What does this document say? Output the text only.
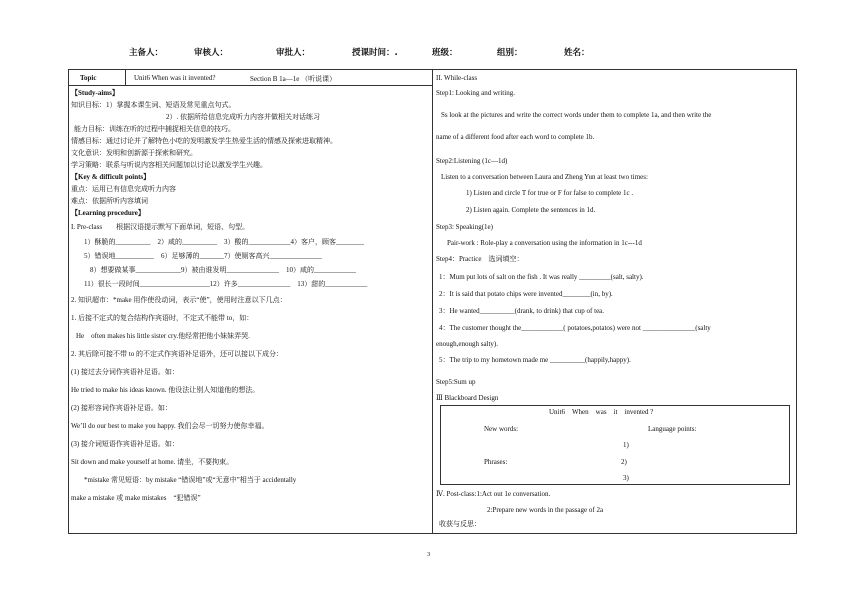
主备人：	审核人：	审批人：	授课时间：.	班级：	组别：	姓名：
Topic	Unit6 When was it invented?	Section B 1a—1e （听说课）
【Study-aims】
知识目标：1）掌握本课生词、短语及常见重点句式。
2）. 依据所给信息完成听力内容并做相关对话练习
能力目标：训练在听的过程中捕捉相关信息的技巧。
情感目标：通过讨论并了解特色小吃的发明激发学生热爱生活的情感及探索进取精神。
文化意识：发明和创新源于探索和研究。
学习策略：联系与听说内容相关问题加以讨论以激发学生兴趣。
【Key & difficult points】
重点：运用已有信息完成听力内容
难点：依据所听内容填词
【Learning procedure】
I. Pre-class　　根据汉语提示默写下面单词，短语、句型。
1）酥脆的__________　2）咸的__________　3）酸的____________4）客户，顾客________
5）错误地___________　6）足够薄的_______7）使厕客高兴_______________
8）想要做某事_____________9）被由谁发明_______________　10）咸的____________
11）很长一段时间____________________12）许多_______________　13）甜的____________
2. 知识超市：*make 用作使役动词，表示“使”，使用时注意以下几点：
1. 后接不定式的复合结构作宾语时，不定式不能带 to，如：
He　often makes his little sister cry.他经常把他小妹妹弄哭.
2. 其后除可接不带 to 的不定式作宾语补足语外，还可以接以下成分：
(1) 接过去分词作宾语补足语。如：
He tried to make his ideas known. 他设法让别人知道他的想法。
(2) 接形容词作宾语补足语。如：
We’ll do our best to make you happy. 我们会尽一切努力使你幸福。
(3) 接介词短语作宾语补足语。如：
Sit down and make yourself at home. 请坐，不要拘束。
*mistake 常见短语：by mistake “错误地”或“无意中”相当于 accidentally
make a mistake 或 make mistakes　“犯错误”
II. While-class
Step1: Looking and writing.
Ss look at the pictures and write the correct words under them to complete 1a, and then write the
name of a different food after each word to complete 1b.
Step2:Listening (1c—1d)
Listen to a conversation between Laura and Zheng Yun at least two times:
1) Listen and circle T for true or F for false to complete 1c .
2) Listen again. Complete the sentences in 1d.
Step3: Speaking(1e)
Pair-work : Role-play a conversation using the information in 1c---1d
Step4：Practice　选词填空：
1：Mum put lots of salt on the fish . It was really _________(salt, salty).
2：It is said that potato chips were invented________(in, by).
3：He wanted__________(drank, to drink) that cup of tea.
4：The customer thought the____________( potatoes,potatos) were not _______________(salty
enough,enough salty).
5：The trip to my hometown made me __________(happily,happy).
Step5:Sum up
Ⅲ Blackboard Design
Unit6　When　was　it　invented ?
New words:	Language points:
1)
Phrases:	2)
3)
Ⅳ. Post-class:1:Act out 1e conversation.
2:Prepare new words in the passage of 2a
收获与反思：
3
